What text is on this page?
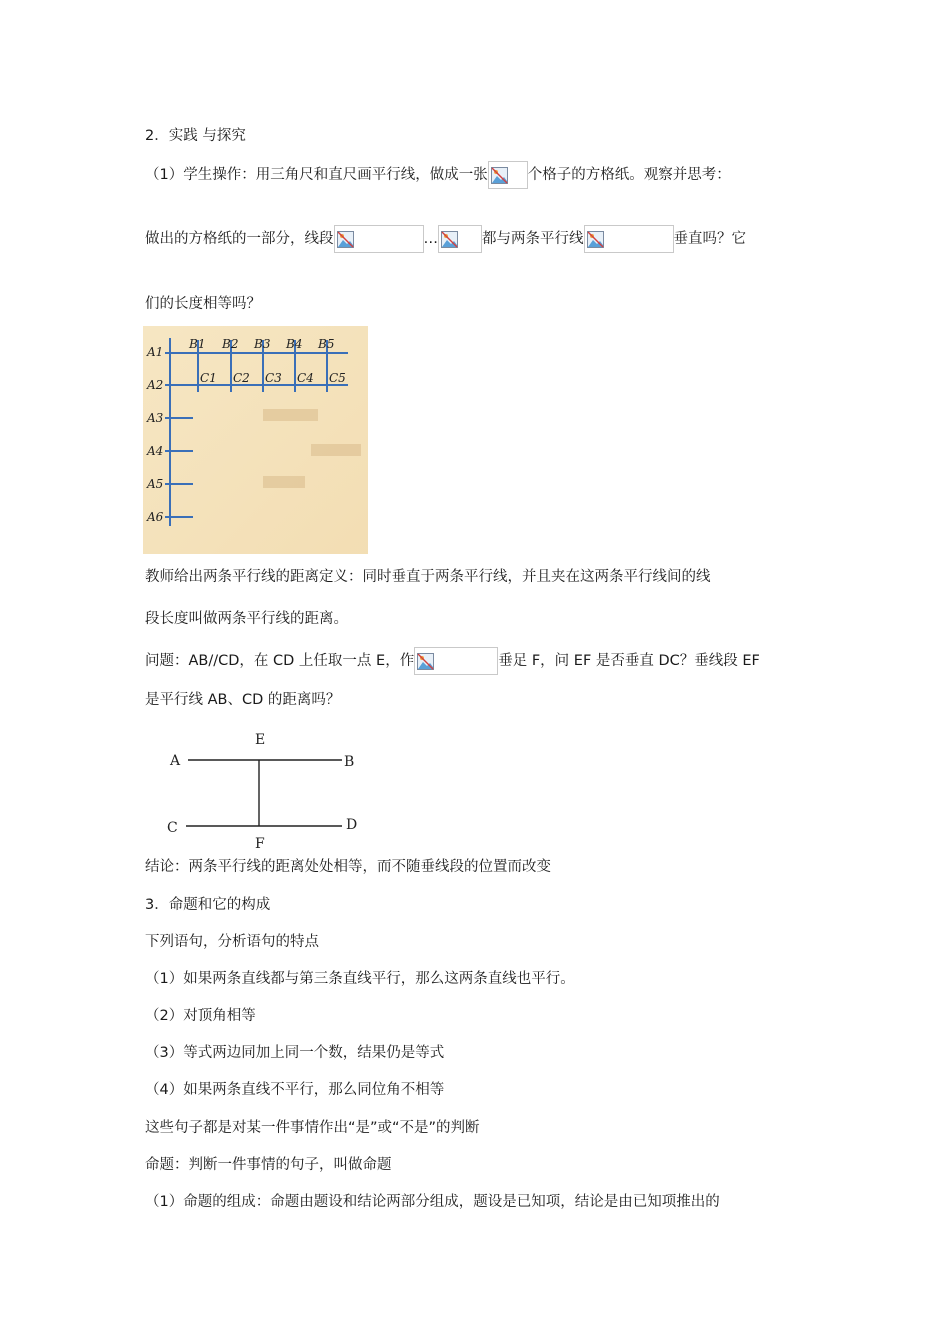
2．实践 与探究
（1）学生操作：用三角尺和直尺画平行线，做成一张	个格子的方格纸。观察并思考：
做出的方格纸的一部分，线段	…	都与两条平行线	垂直吗？它
们的长度相等吗？
A1
A2
A3
A4
A5
A6
B1 B2 B3 B4 B5
C1 C2 C3 C4 C5
教师给出两条平行线的距离定义：同时垂直于两条平行线，并且夹在这两条平行线间的线
段长度叫做两条平行线的距离。
问题：AB//CD，在 CD 上任取一点 E，作	垂足 F，问 EF 是否垂直 DC？垂线段 EF
是平行线 AB、CD 的距离吗？
A	B
C	D
E
F
结论：两条平行线的距离处处相等，而不随垂线段的位置而改变
3．命题和它的构成
下列语句，分析语句的特点
（1）如果两条直线都与第三条直线平行，那么这两条直线也平行。
（2）对顶角相等
（3）等式两边同加上同一个数，结果仍是等式
（4）如果两条直线不平行，那么同位角不相等
这些句子都是对某一件事情作出“是”或“不是”的判断
命题：判断一件事情的句子，叫做命题
（1）命题的组成：命题由题设和结论两部分组成，题设是已知项，结论是由已知项推出的
